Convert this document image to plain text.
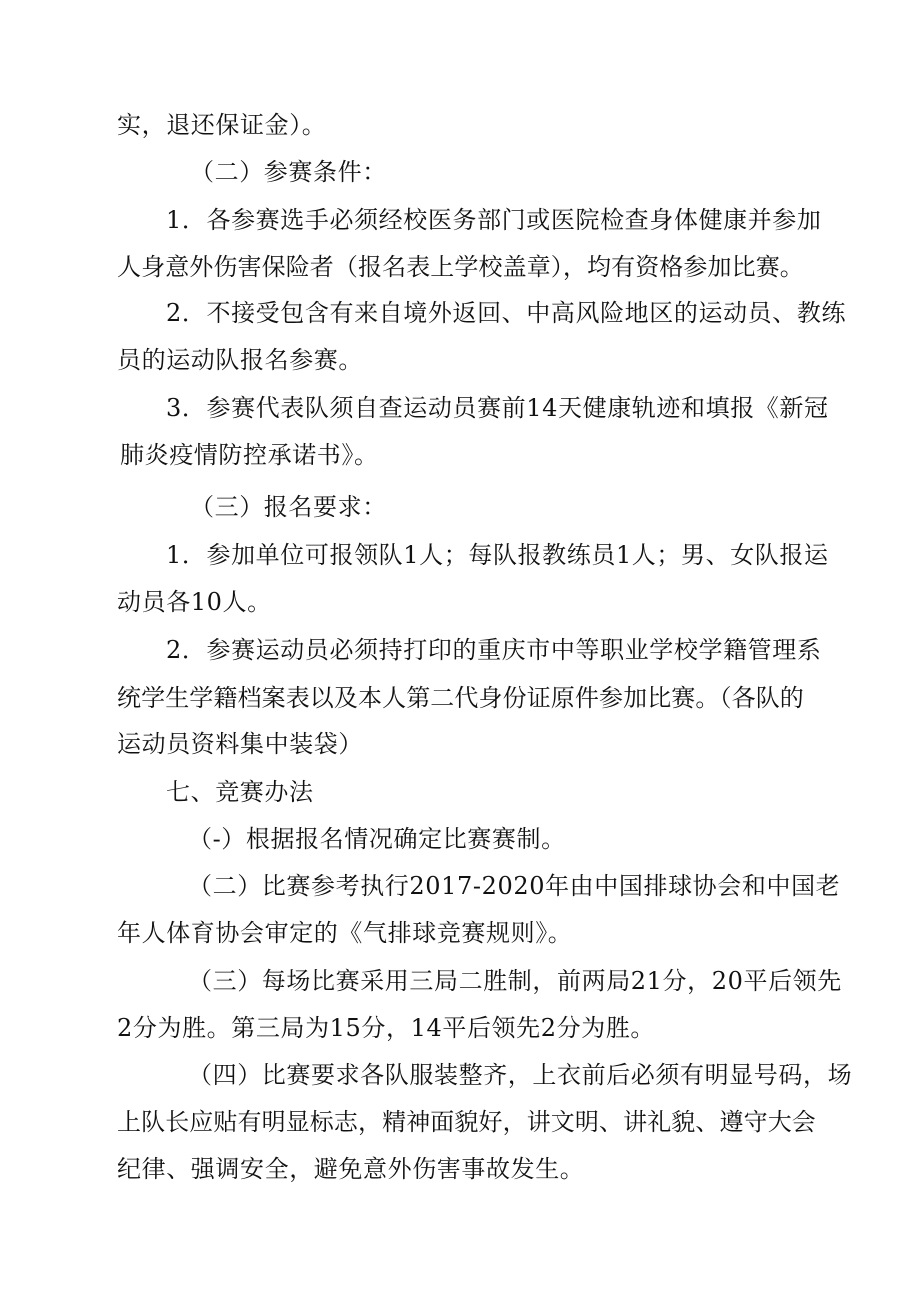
实，退还保证金）。
（二）参赛条件：
1．各参赛选手必须经校医务部门或医院检查身体健康并参加
人身意外伤害保险者（报名表上学校盖章），均有资格参加比赛。
2．不接受包含有来自境外返回、中高风险地区的运动员、教练
员的运动队报名参赛。
3．参赛代表队须自查运动员赛前14天健康轨迹和填报《新冠
肺炎疫情防控承诺书》。
（三）报名要求：
1．参加单位可报领队1人；每队报教练员1人；男、女队报运
动员各10人。
2．参赛运动员必须持打印的重庆市中等职业学校学籍管理系
统学生学籍档案表以及本人第二代身份证原件参加比赛。（各队的
运动员资料集中装袋）
七、竞赛办法
（-）根据报名情况确定比赛赛制。
（二）比赛参考执行2017-2020年由中国排球协会和中国老
年人体育协会审定的《气排球竞赛规则》。
（三）每场比赛采用三局二胜制，前两局21分，20平后领先
2分为胜。第三局为15分，14平后领先2分为胜。
（四）比赛要求各队服装整齐，上衣前后必须有明显号码，场
上队长应贴有明显标志，精神面貌好，讲文明、讲礼貌、遵守大会
纪律、强调安全，避免意外伤害事故发生。
